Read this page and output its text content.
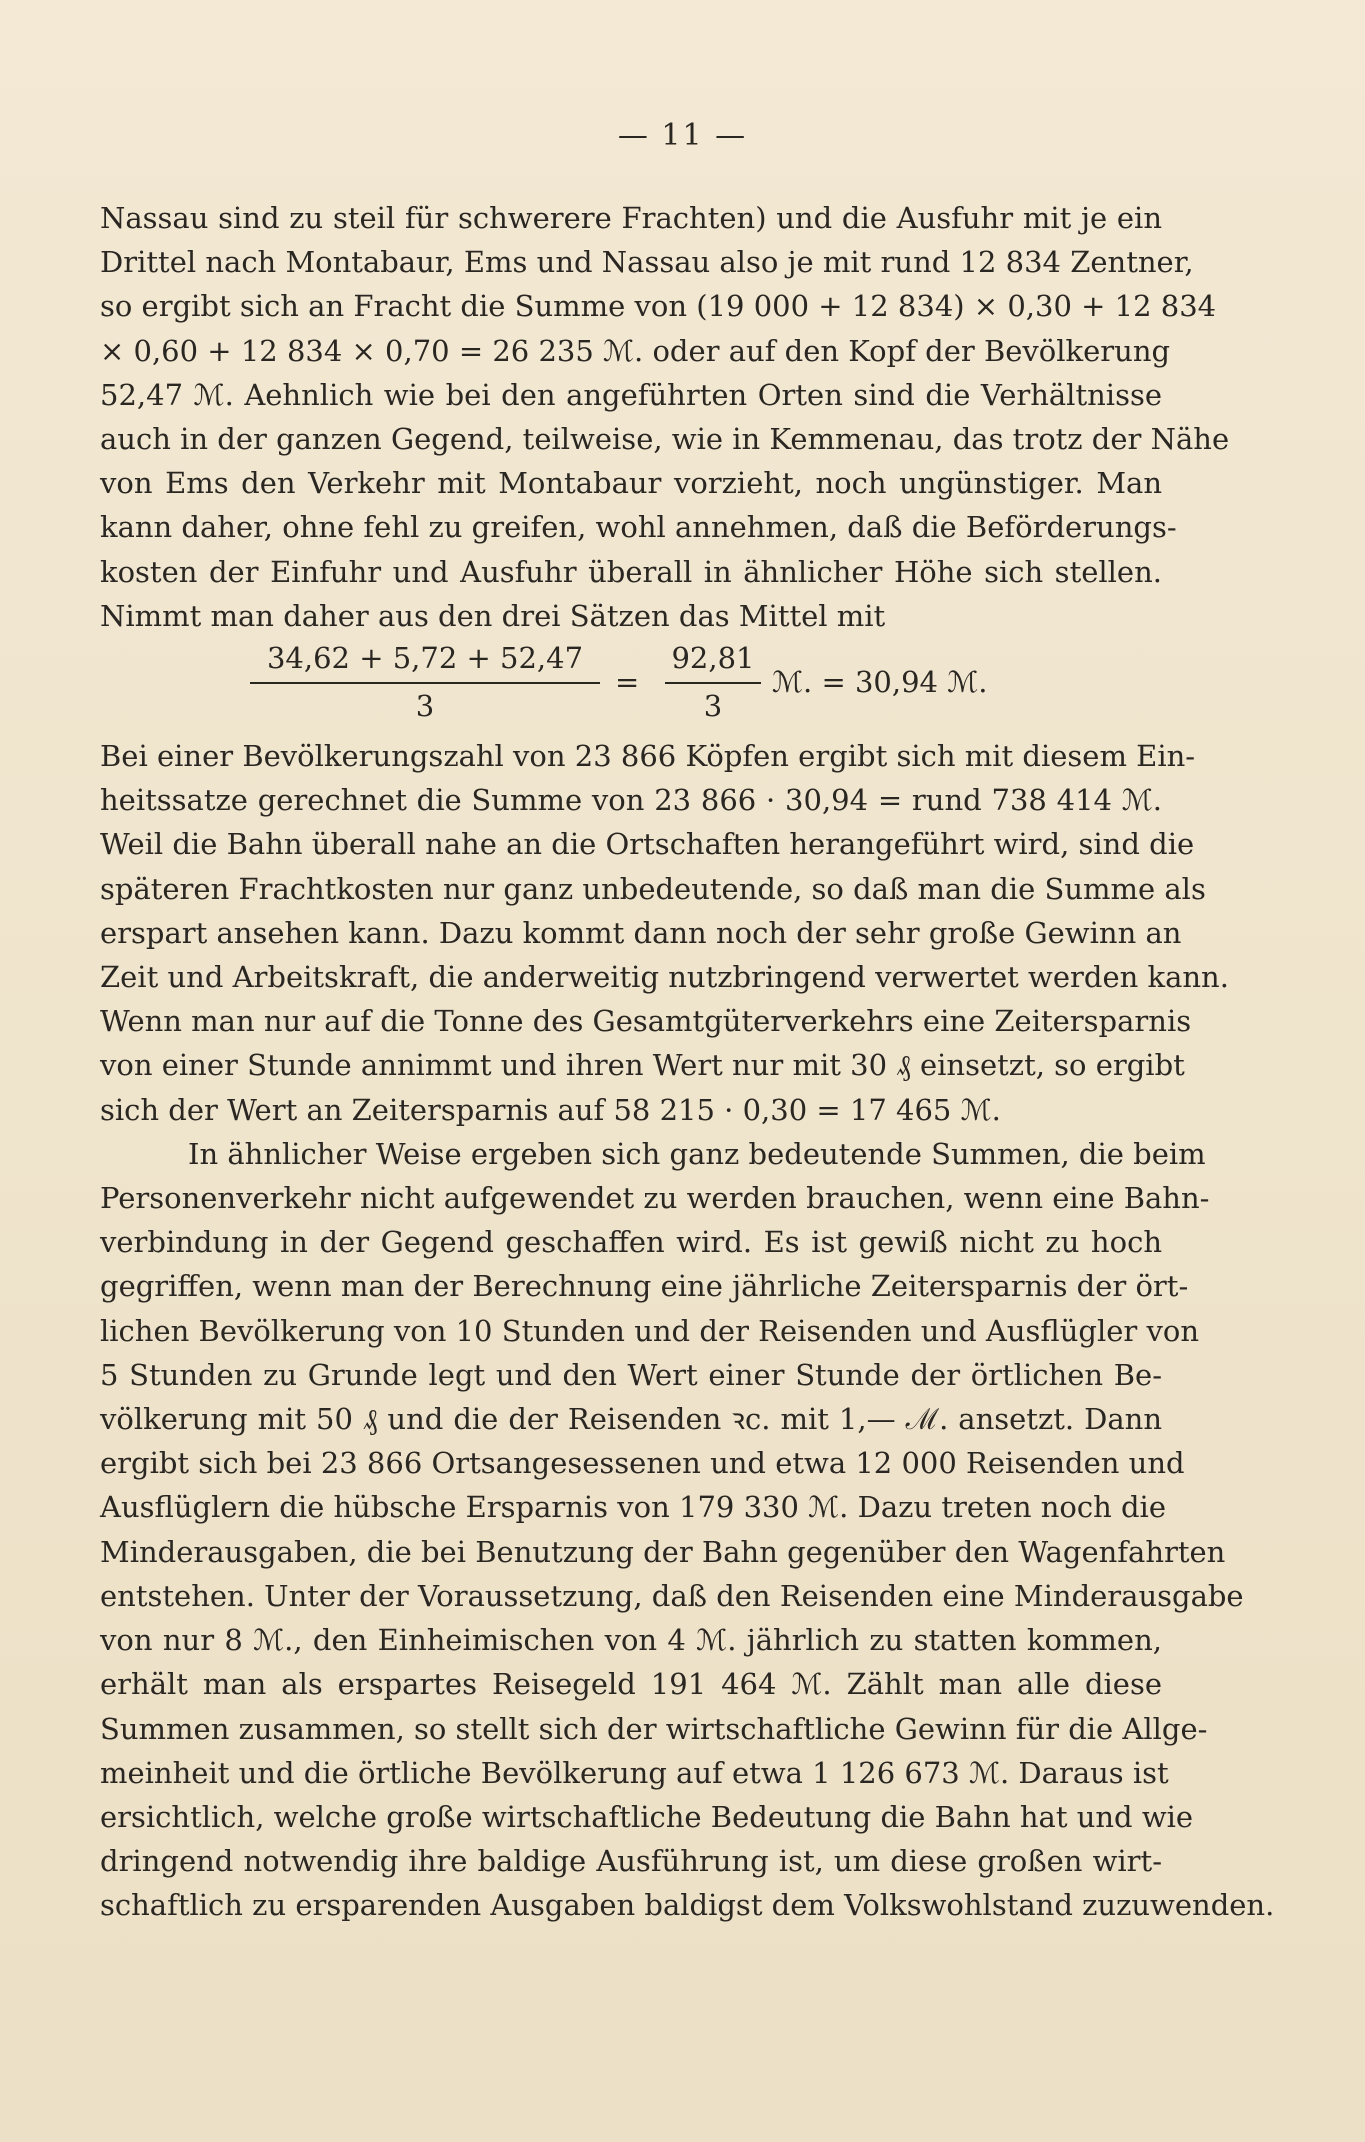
— 11 —
Nassau sind zu steil für schwerere Frachten) und die Ausfuhr mit je ein
Drittel nach Montabaur, Ems und Nassau also je mit rund 12 834 Zentner,
so ergibt sich an Fracht die Summe von (19 000 + 12 834) × 0,30 + 12 834
× 0,60 + 12 834 × 0,70 = 26 235 ℳ. oder auf den Kopf der Bevölkerung
52,47 ℳ. Aehnlich wie bei den angeführten Orten sind die Verhältnisse
auch in der ganzen Gegend, teilweise, wie in Kemmenau, das trotz der Nähe
von Ems den Verkehr mit Montabaur vorzieht, noch ungünstiger. Man
kann daher, ohne fehl zu greifen, wohl annehmen, daß die Beförderungs-
kosten der Einfuhr und Ausfuhr überall in ähnlicher Höhe sich stellen.
Nimmt man daher aus den drei Sätzen das Mittel mit
$\frac{34,62 + 5,72 + 52,47}{3} = \frac{92,81}{3}$ ℳ. = 30,94 ℳ.
Bei einer Bevölkerungszahl von 23 866 Köpfen ergibt sich mit diesem Ein-
heitssatze gerechnet die Summe von 23 866 · 30,94 = rund 738 414 ℳ.
Weil die Bahn überall nahe an die Ortschaften herangeführt wird, sind die
späteren Frachtkosten nur ganz unbedeutende, so daß man die Summe als
erspart ansehen kann. Dazu kommt dann noch der sehr große Gewinn an
Zeit und Arbeitskraft, die anderweitig nutzbringend verwertet werden kann.
Wenn man nur auf die Tonne des Gesamtgüterverkehrs eine Zeitersparnis
von einer Stunde annimmt und ihren Wert nur mit 30 ₰ einsetzt, so ergibt
sich der Wert an Zeitersparnis auf 58 215 · 0,30 = 17 465 ℳ.
In ähnlicher Weise ergeben sich ganz bedeutende Summen, die beim
Personenverkehr nicht aufgewendet zu werden brauchen, wenn eine Bahn-
verbindung in der Gegend geschaffen wird. Es ist gewiß nicht zu hoch
gegriffen, wenn man der Berechnung eine jährliche Zeitersparnis der ört-
lichen Bevölkerung von 10 Stunden und der Reisenden und Ausflügler von
5 Stunden zu Grunde legt und den Wert einer Stunde der örtlichen Be-
völkerung mit 50 ₰ und die der Reisenden ꝛc. mit 1,— ℳ. ansetzt. Dann
ergibt sich bei 23 866 Ortsangesessenen und etwa 12 000 Reisenden und
Ausflüglern die hübsche Ersparnis von 179 330 ℳ. Dazu treten noch die
Minderausgaben, die bei Benutzung der Bahn gegenüber den Wagenfahrten
entstehen. Unter der Voraussetzung, daß den Reisenden eine Minderausgabe
von nur 8 ℳ., den Einheimischen von 4 ℳ. jährlich zu statten kommen,
erhält man als erspartes Reisegeld 191 464 ℳ. Zählt man alle diese
Summen zusammen, so stellt sich der wirtschaftliche Gewinn für die Allge-
meinheit und die örtliche Bevölkerung auf etwa 1 126 673 ℳ. Daraus ist
ersichtlich, welche große wirtschaftliche Bedeutung die Bahn hat und wie
dringend notwendig ihre baldige Ausführung ist, um diese großen wirt-
schaftlich zu ersparenden Ausgaben baldigst dem Volkswohlstand zuzuwenden.
